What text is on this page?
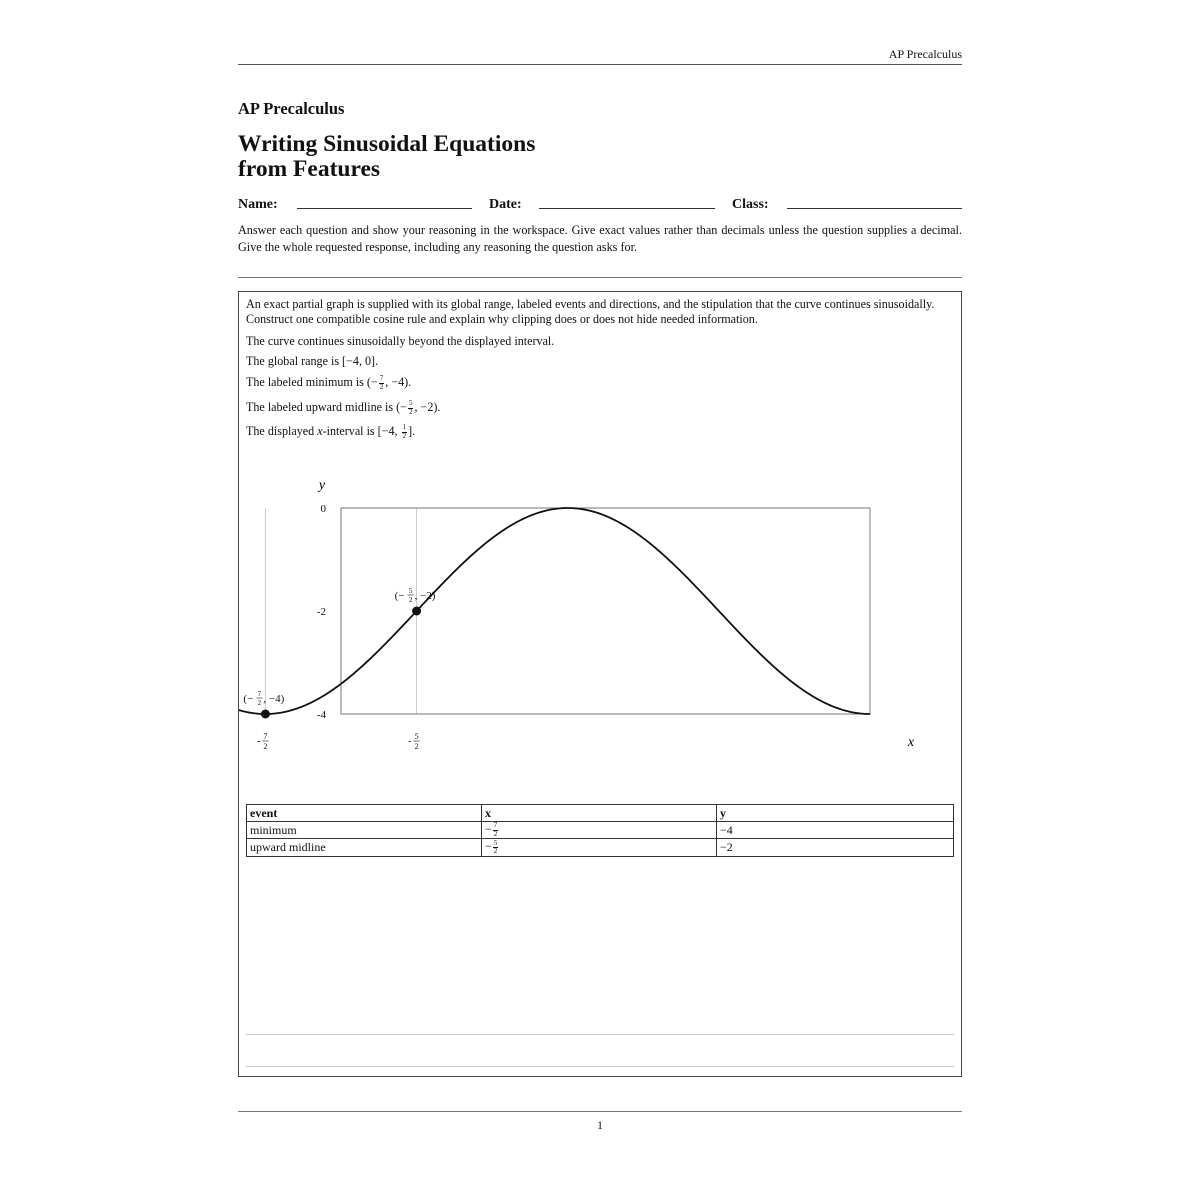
AP Precalculus
AP Precalculus
Writing Sinusoidal Equations
from Features
Name:	Date:	Class:

Answer each question and show your reasoning in the workspace. Give exact values rather than decimals unless the question supplies a decimal. Give the whole requested response, including any reasoning the question asks for.

An exact partial graph is supplied with its global range, labeled events and directions, and the stipulation that the curve continues sinusoidally. Construct one compatible cosine rule and explain why clipping does or does not hide needed information.

The curve continues sinusoidally beyond the displayed interval.

The global range is [−4, 0].

The labeled minimum is (− $\frac{7}{2}$ , −4).

The labeled upward midline is (− $\frac{5}{2}$ , −2).

The displayed x-interval is [−4, $\frac{1}{2}$ ].

y
x
0
-2
-4
- 7
2	- 5
2
(− 7
2 , −4)
(− 5
2 , −2)
event	x	y
minimum	− $\frac{7}{2}$	−4
upward midline	− $\frac{5}{2}$	−2
1
